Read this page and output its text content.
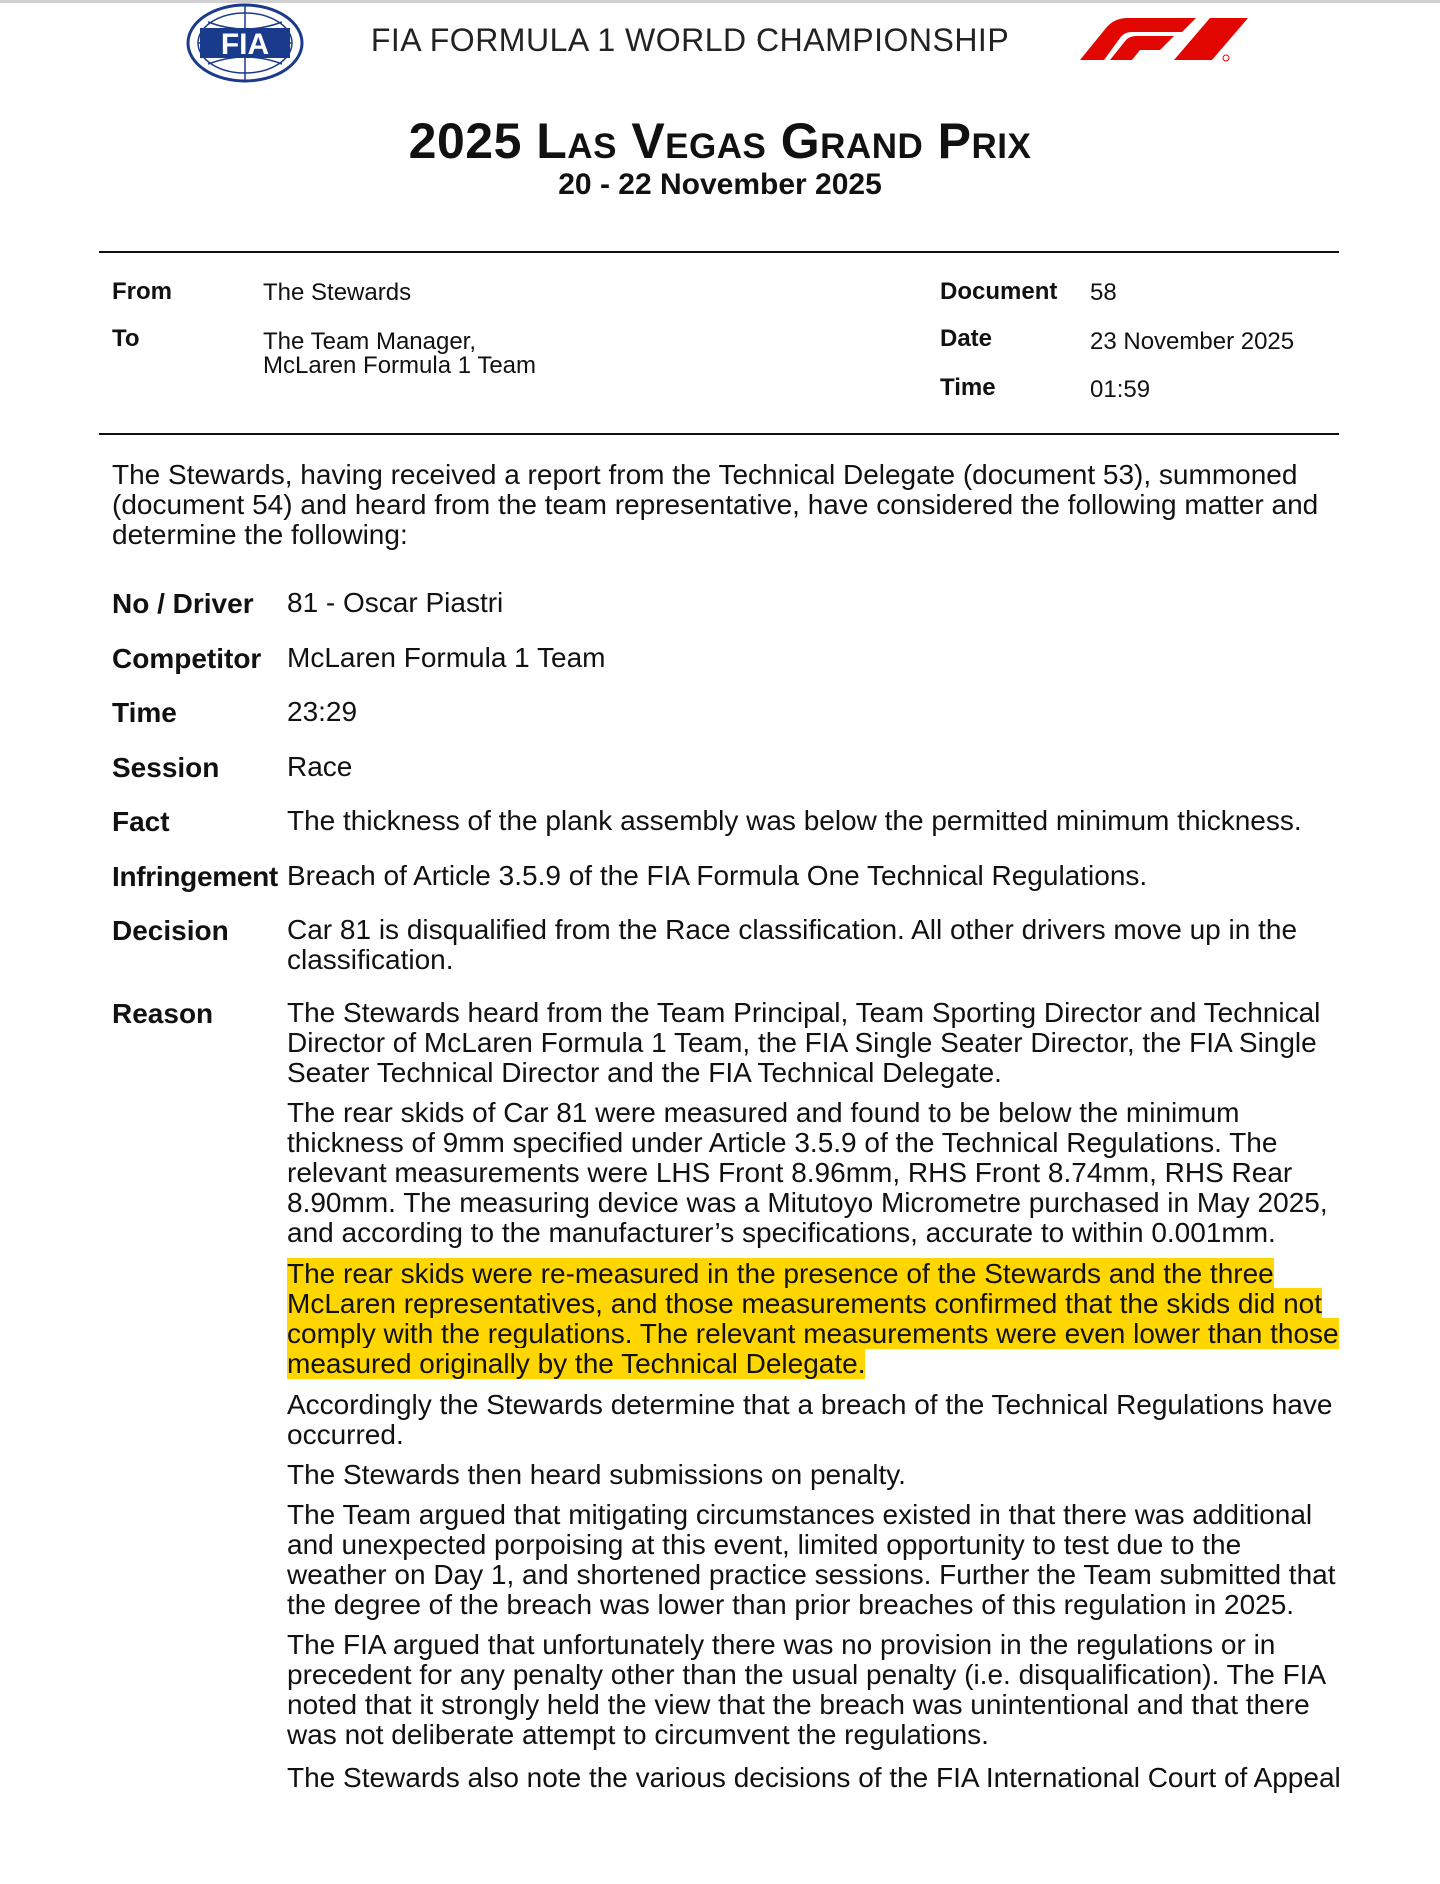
FIA	FIA FORMULA 1 WORLD CHAMPIONSHIP
2025 Las Vegas Grand Prix
20 - 22 November 2025
From	The Stewards
To	The Team Manager,
McLaren Formula 1 Team
Document 58
Date	23 November 2025
Time	01:59
The Stewards, having received a report from the Technical Delegate (document 53), summoned (document 54) and heard from the team representative, have considered the following matter and determine the following:
No / Driver 81 - Oscar Piastri
Competitor McLaren Formula 1 Team
Time	23:29
Session Race
Fact	The thickness of the plank assembly was below the permitted minimum thickness.
Infringement Breach of Article 3.5.9 of the FIA Formula One Technical Regulations.
Decision Car 81 is disqualified from the Race classification. All other drivers move up in the classification.
Reason	The Stewards heard from the Team Principal, Team Sporting Director and Technical Director of McLaren Formula 1 Team, the FIA Single Seater Director, the FIA Single Seater Technical Director and the FIA Technical Delegate.
The rear skids of Car 81 were measured and found to be below the minimum thickness of 9mm specified under Article 3.5.9 of the Technical Regulations. The relevant measurements were LHS Front 8.96mm, RHS Front 8.74mm, RHS Rear 8.90mm. The measuring device was a Mitutoyo Micrometre purchased in May 2025, and according to the manufacturer’s specifications, accurate to within 0.001mm.
The rear skids were re-measured in the presence of the Stewards and the three McLaren representatives, and those measurements confirmed that the skids did not comply with the regulations. The relevant measurements were even lower than those measured originally by the Technical Delegate.
Accordingly the Stewards determine that a breach of the Technical Regulations have occurred.
The Stewards then heard submissions on penalty.
The Team argued that mitigating circumstances existed in that there was additional and unexpected porpoising at this event, limited opportunity to test due to the weather on Day 1, and shortened practice sessions. Further the Team submitted that the degree of the breach was lower than prior breaches of this regulation in 2025.
The FIA argued that unfortunately there was no provision in the regulations or in precedent for any penalty other than the usual penalty (i.e. disqualification). The FIA noted that it strongly held the view that the breach was unintentional and that there was not deliberate attempt to circumvent the regulations.
The Stewards also note the various decisions of the FIA International Court of Appeal
